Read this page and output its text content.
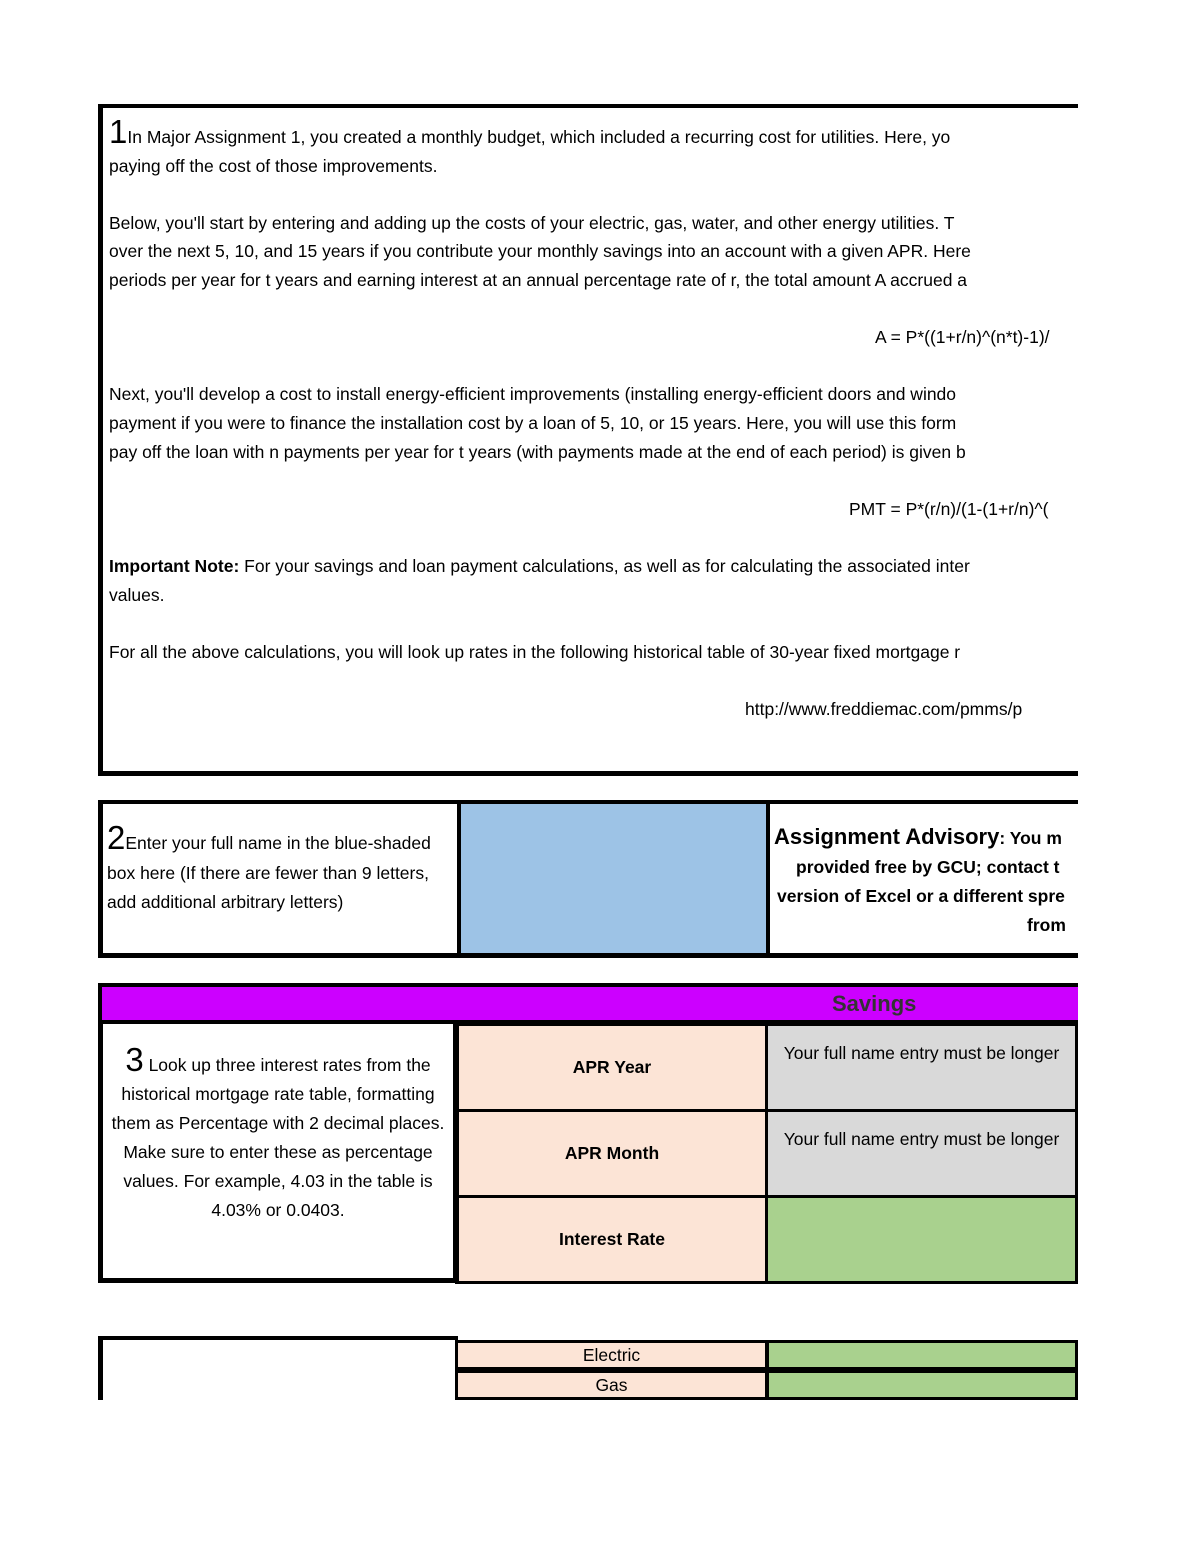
1In Major Assignment 1, you created a monthly budget, which included a recurring cost for utilities. Here, yo
paying off the cost of those improvements.
Below, you'll start by entering and adding up the costs of your electric, gas, water, and other energy utilities. T
over the next 5, 10, and 15 years if you contribute your monthly savings into an account with a given APR. Here
periods per year for t years and earning interest at an annual percentage rate of r, the total amount A accrued a
A = P*((1+r/n)^(n*t)-1)/
Next, you'll develop a cost to install energy-efficient improvements (installing energy-efficient doors and windo
payment if you were to finance the installation cost by a loan of 5, 10, or 15 years. Here, you will use this form
pay off the loan with n payments per year for t years (with payments made at the end of each period) is given b
PMT = P*(r/n)/(1-(1+r/n)^(
Important Note: For your savings and loan payment calculations, as well as for calculating the associated inter
values.
For all the above calculations, you will look up rates in the following historical table of 30-year fixed mortgage r
http://www.freddiemac.com/pmms/p
2Enter your full name in the blue-shaded box here (If there are fewer than 9 letters, add additional arbitrary letters)
Assignment Advisory: You m
provided free by GCU; contact t
version of Excel or a different spre
from
Savings
3 Look up three interest rates from the historical mortgage rate table, formatting them as Percentage with 2 decimal places. Make sure to enter these as percentage values. For example, 4.03 in the table is 4.03% or 0.0403.
APR Year
Your full name entry must be longer
APR Month
Your full name entry must be longer
Interest Rate
Electric
Gas
